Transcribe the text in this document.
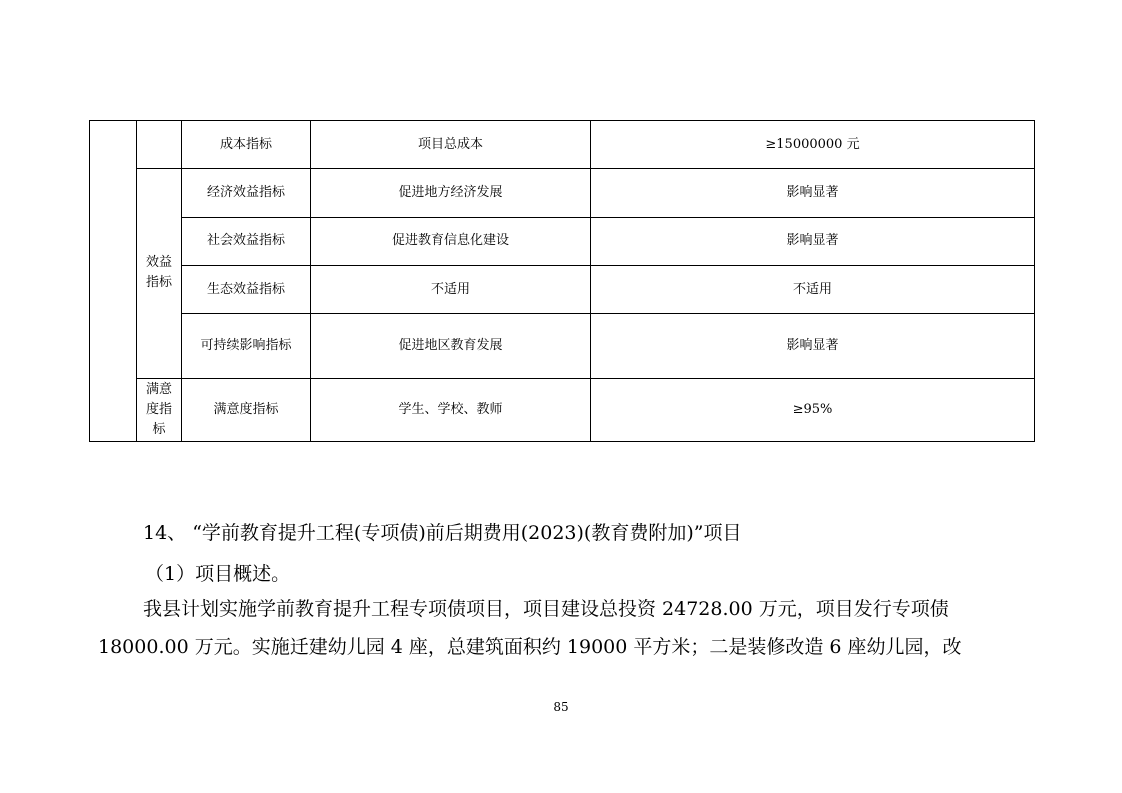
		成本指标	项目总成本	≥15000000 元
	效益指标	经济效益指标	促进地方经济发展	影响显著
		社会效益指标	促进教育信息化建设	影响显著
		生态效益指标	不适用	不适用
		可持续影响指标	促进地区教育发展	影响显著
	满意度指标	满意度指标	学生、学校、教师	≥95%
14、 “学前教育提升工程(专项债)前后期费用(2023)(教育费附加)”项目
（1）项目概述。
我县计划实施学前教育提升工程专项债项目，项目建设总投资 24728.00 万元，项目发行专项债
18000.00 万元。实施迁建幼儿园 4 座，总建筑面积约 19000 平方米；二是装修改造 6 座幼儿园，改
85
